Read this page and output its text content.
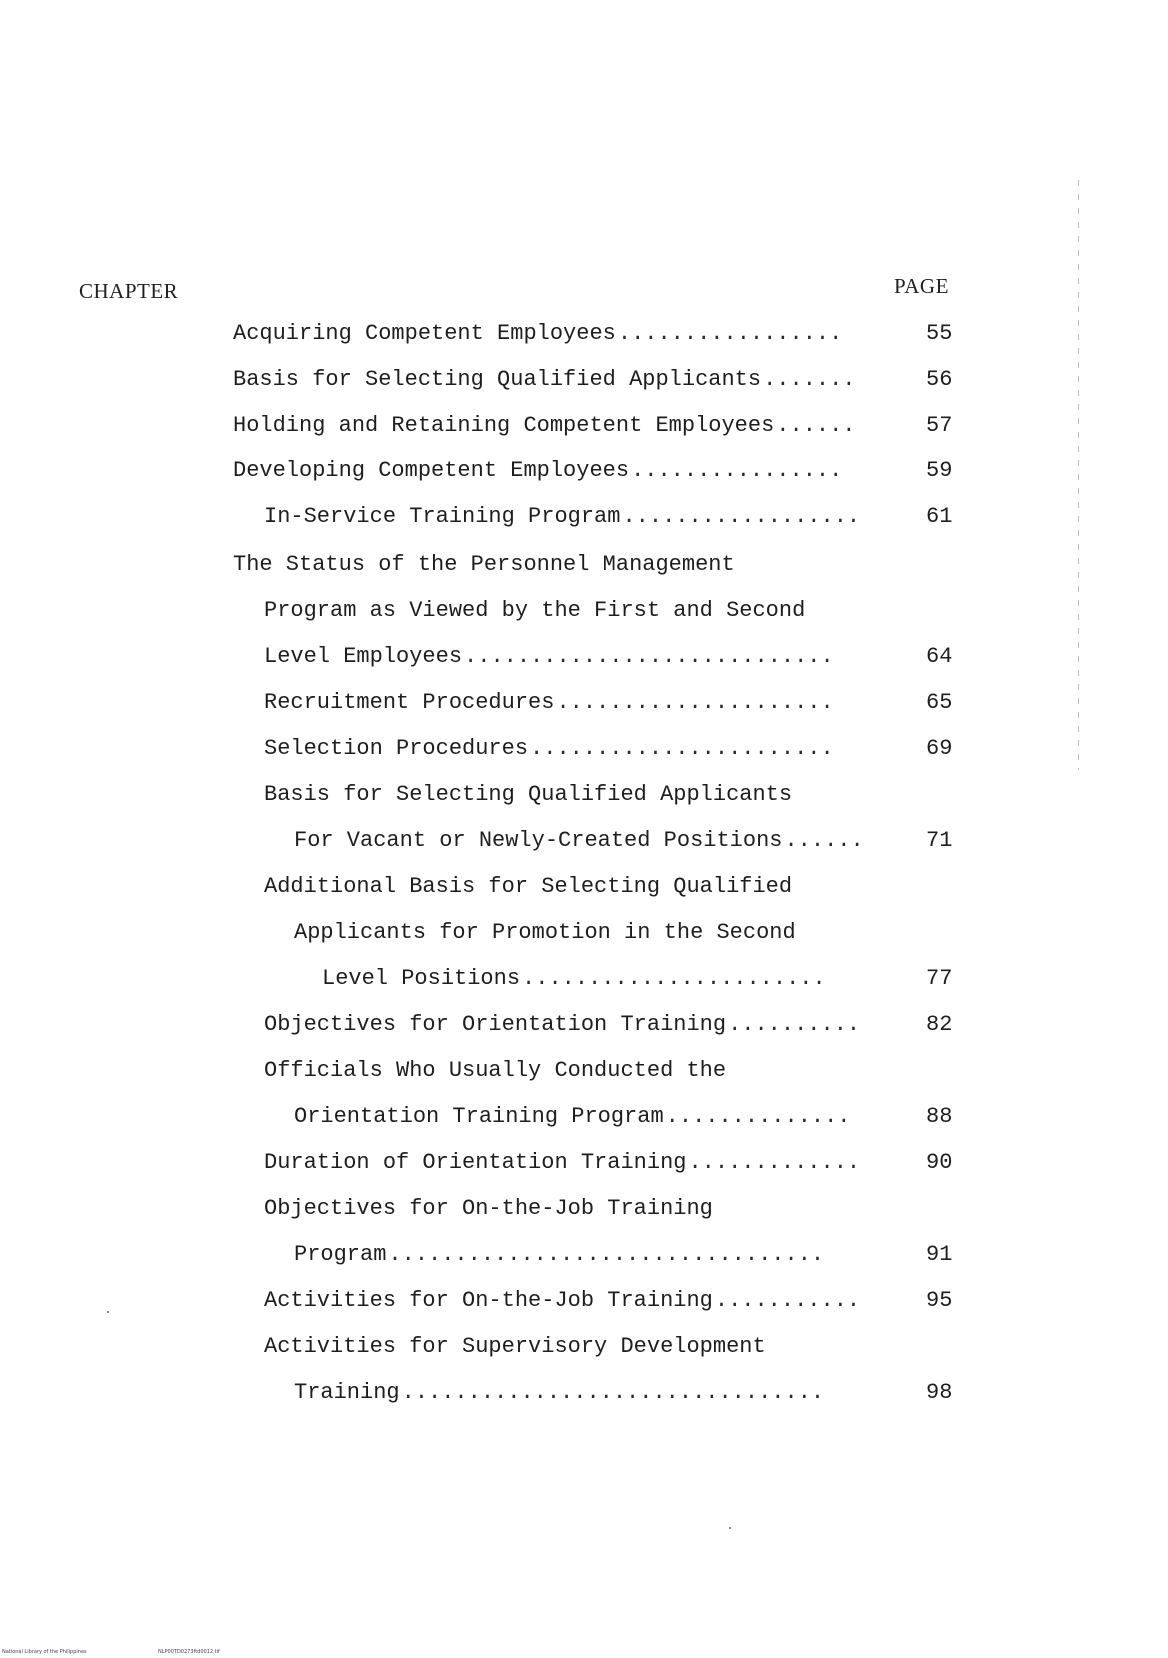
CHAPTER	PAGE
Acquiring Competent Employees.................	55
Basis for Selecting Qualified Applicants.......	56
Holding and Retaining Competent Employees......	57
Developing Competent Employees................	59
In-Service Training Program..................	61
The Status of the Personnel Management
Program as Viewed by the First and Second
Level Employees............................	64
Recruitment Procedures.....................	65
Selection Procedures.......................	69
Basis for Selecting Qualified Applicants
For Vacant or Newly-Created Positions......	71
Additional Basis for Selecting Qualified
Applicants for Promotion in the Second
Level Positions.......................	77
Objectives for Orientation Training..........	82
Officials Who Usually Conducted the
Orientation Training Program..............	88
Duration of Orientation Training.............	90
Objectives for On-the-Job Training
Program.................................	91
Activities for On-the-Job Training...........	95
Activities for Supervisory Development
Training................................	98
National Library of the Philippines	NLP00TD0273ftd0012.tif
